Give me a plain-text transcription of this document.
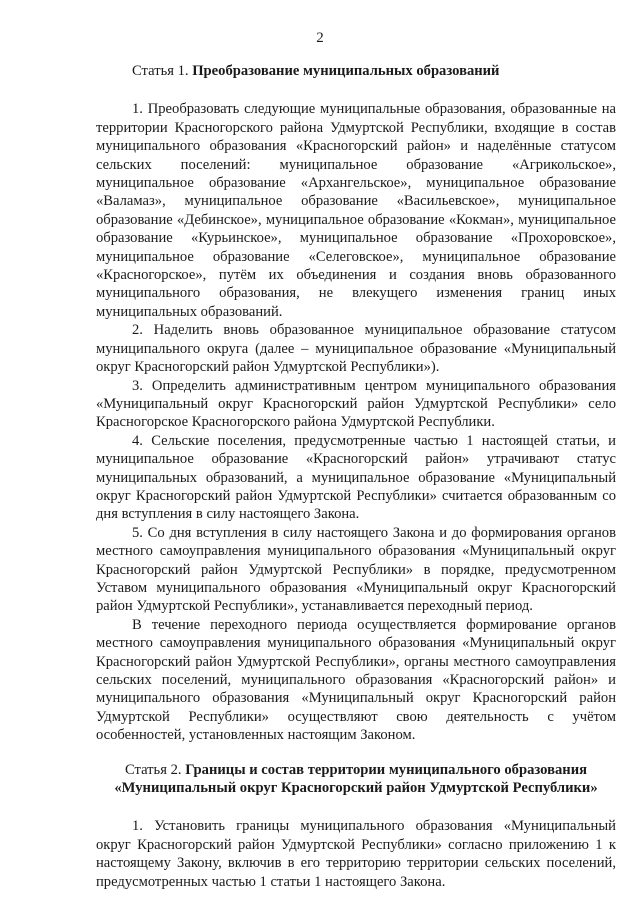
2
Статья 1. Преобразование муниципальных образований

1. Преобразовать следующие муниципальные образования, образованные на территории Красногорского района Удмуртской Республики, входящие в состав муниципального образования «Красногорский район» и наделённые статусом сельских поселений: муниципальное образование «Агрикольское», муниципальное образование «Архангельское», муниципальное образование «Валамаз», муниципальное образование «Васильевское», муниципальное образование «Дебинское», муниципальное образование «Кокман», муниципальное образование «Курьинское», муниципальное образование «Прохоровское», муниципальное образование «Селеговское», муниципальное образование «Красногорское», путём их объединения и создания вновь образованного муниципального образования, не влекущего изменения границ иных муниципальных образований.

2. Наделить вновь образованное муниципальное образование статусом муниципального округа (далее – муниципальное образование «Муниципальный округ Красногорский район Удмуртской Республики»).

3. Определить административным центром муниципального образования «Муниципальный округ Красногорский район Удмуртской Республики» село Красногорское Красногорского района Удмуртской Республики.

4. Сельские поселения, предусмотренные частью 1 настоящей статьи, и муниципальное образование «Красногорский район» утрачивают статус муниципальных образований, а муниципальное образование «Муниципальный округ Красногорский район Удмуртской Республики» считается образованным со дня вступления в силу настоящего Закона.

5. Со дня вступления в силу настоящего Закона и до формирования органов местного самоуправления муниципального образования «Муниципальный округ Красногорский район Удмуртской Республики» в порядке, предусмотренном Уставом муниципального образования «Муниципальный округ Красногорский район Удмуртской Республики», устанавливается переходный период.

В течение переходного периода осуществляется формирование органов местного самоуправления муниципального образования «Муниципальный округ Красногорский район Удмуртской Республики», органы местного самоуправления сельских поселений, муниципального образования «Красногорский район» и муниципального образования «Муниципальный округ Красногорский район Удмуртской Республики» осуществляют свою деятельность с учётом особенностей, установленных настоящим Законом.

Статья 2. Границы и состав территории муниципального образования «Муниципальный округ Красногорский район Удмуртской Республики»

1. Установить границы муниципального образования «Муниципальный округ Красногорский район Удмуртской Республики» согласно приложению 1 к настоящему Закону, включив в его территорию территории сельских поселений, предусмотренных частью 1 статьи 1 настоящего Закона.
